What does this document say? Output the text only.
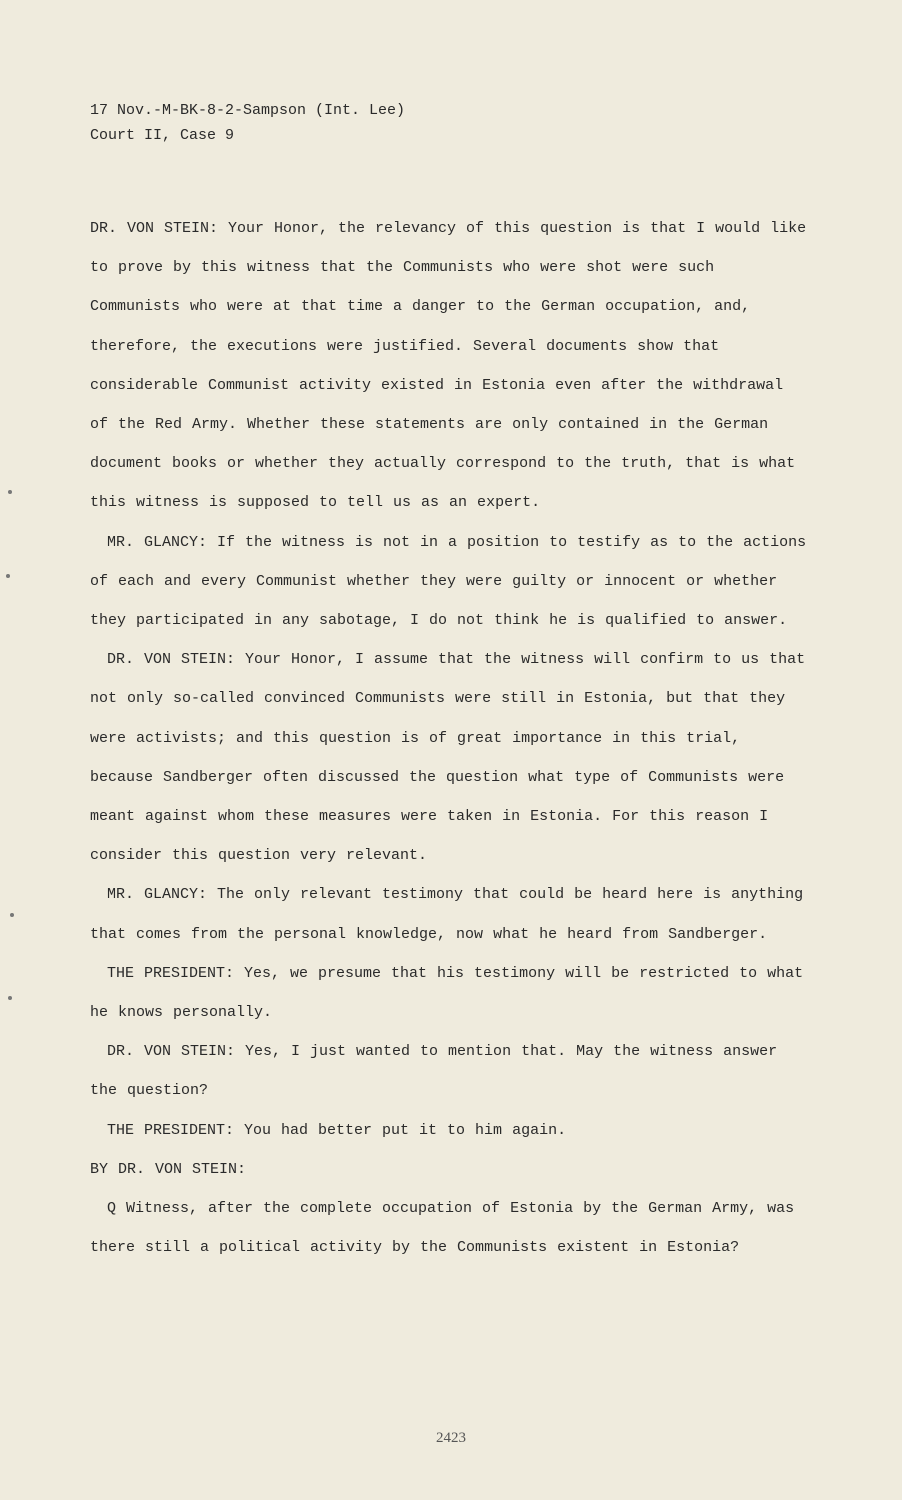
17 Nov.-M-BK-8-2-Sampson (Int. Lee)
Court II, Case 9

DR. VON STEIN: Your Honor, the relevancy of this question is that I would like to prove by this witness that the Communists who were shot were such Communists who were at that time a danger to the German occupation, and, therefore, the executions were justified. Several documents show that considerable Communist activity existed in Estonia even after the withdrawal of the Red Army. Whether these statements are only contained in the German document books or whether they actually correspond to the truth, that is what this witness is supposed to tell us as an expert.

MR. GLANCY: If the witness is not in a position to testify as to the actions of each and every Communist whether they were guilty or innocent or whether they participated in any sabotage, I do not think he is qualified to answer.

DR. VON STEIN: Your Honor, I assume that the witness will confirm to us that not only so-called convinced Communists were still in Estonia, but that they were activists; and this question is of great importance in this trial, because Sandberger often discussed the question what type of Communists were meant against whom these measures were taken in Estonia. For this reason I consider this question very relevant.

MR. GLANCY: The only relevant testimony that could be heard here is anything that comes from the personal knowledge, now what he heard from Sandberger.

THE PRESIDENT: Yes, we presume that his testimony will be restricted to what he knows personally.

DR. VON STEIN: Yes, I just wanted to mention that. May the witness answer the question?

THE PRESIDENT: You had better put it to him again.

BY DR. VON STEIN:

Q Witness, after the complete occupation of Estonia by the German Army, was there still a political activity by the Communists existent in Estonia?

2423
